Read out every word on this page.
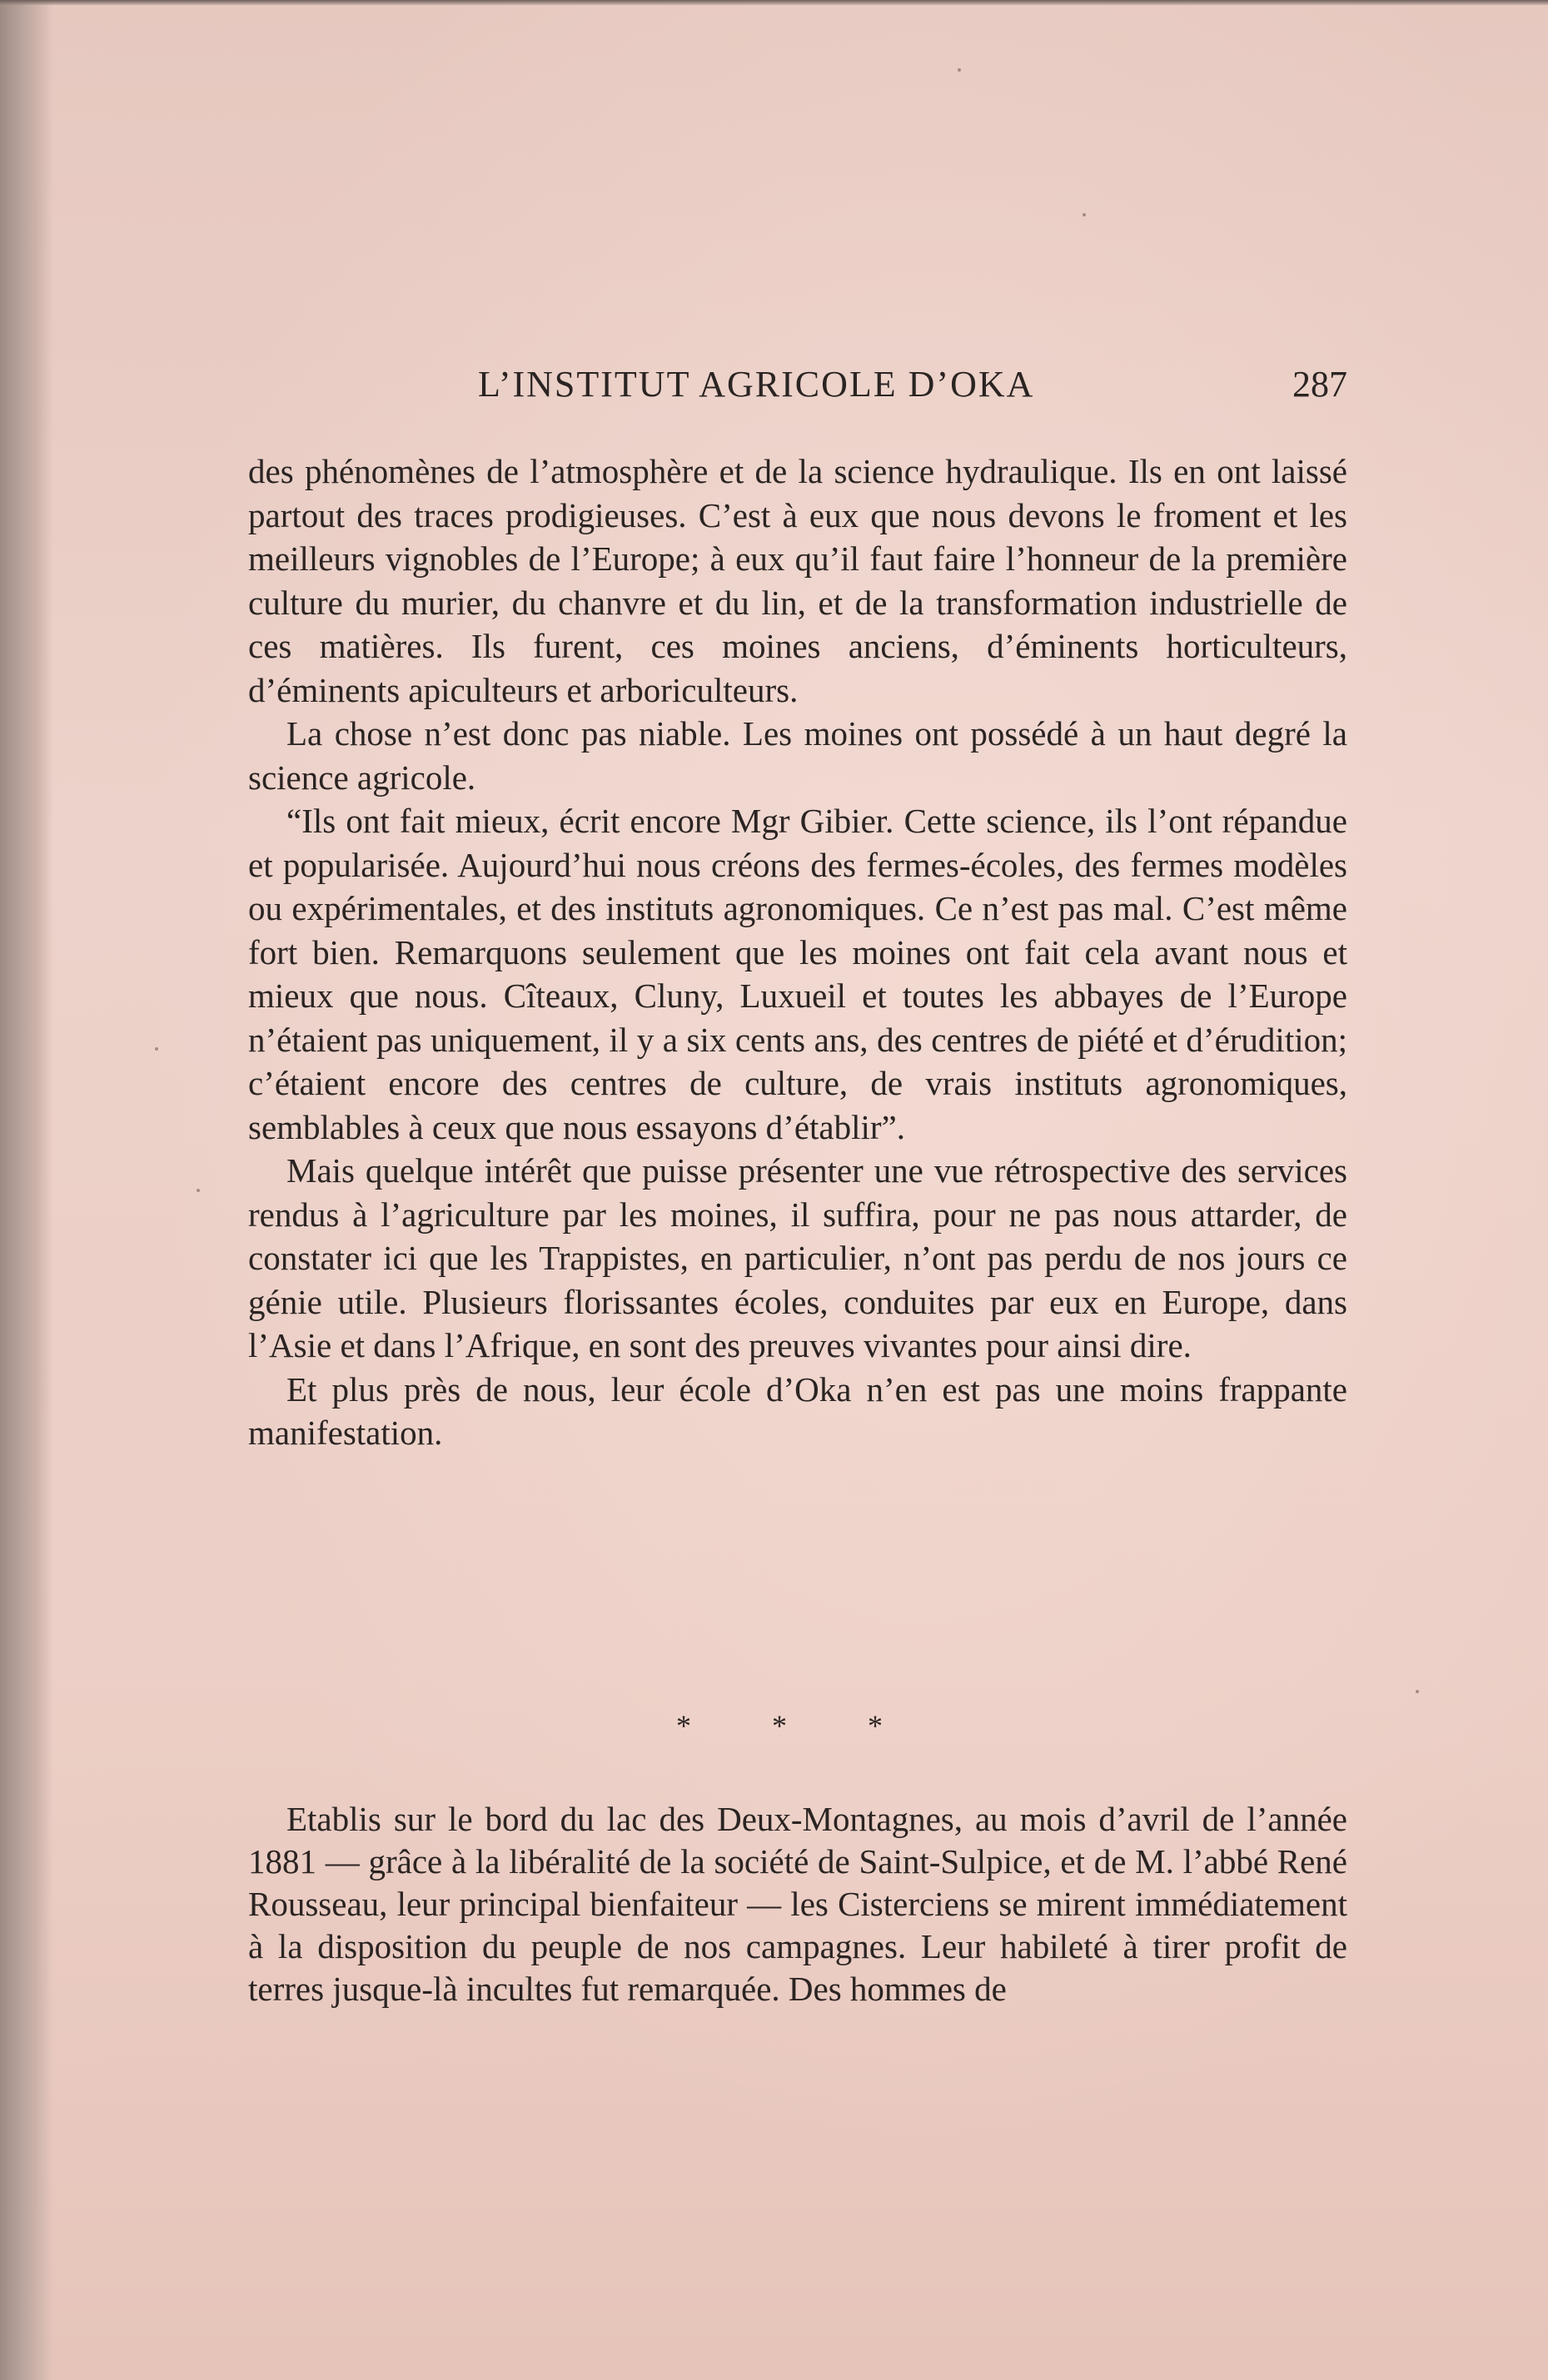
L’INSTITUT AGRICOLE D’OKA	287

des phénomènes de l’atmosphère et de la science hydraulique. Ils en ont laissé partout des traces prodigieuses. C’est à eux que nous devons le froment et les meilleurs vignobles de l’Europe; à eux qu’il faut faire l’honneur de la première culture du murier, du chanvre et du lin, et de la transformation industrielle de ces matières. Ils furent, ces moines anciens, d’éminents horticulteurs, d’éminents apiculteurs et arboriculteurs.

La chose n’est donc pas niable. Les moines ont possédé à un haut degré la science agricole.

“Ils ont fait mieux, écrit encore Mgr Gibier. Cette science, ils l’ont répandue et popularisée. Aujourd’hui nous créons des fermes-écoles, des fermes modèles ou expérimentales, et des instituts agronomiques. Ce n’est pas mal. C’est même fort bien. Remarquons seulement que les moines ont fait cela avant nous et mieux que nous. Cîteaux, Cluny, Luxueil et toutes les abbayes de l’Europe n’étaient pas uniquement, il y a six cents ans, des centres de piété et d’érudition; c’étaient encore des centres de culture, de vrais instituts agronomiques, semblables à ceux que nous essayons d’établir”.

Mais quelque intérêt que puisse présenter une vue rétrospective des services rendus à l’agriculture par les moines, il suffira, pour ne pas nous attarder, de constater ici que les Trappistes, en particulier, n’ont pas perdu de nos jours ce génie utile. Plusieurs florissantes écoles, conduites par eux en Europe, dans l’Asie et dans l’Afrique, en sont des preuves vivantes pour ainsi dire.

Et plus près de nous, leur école d’Oka n’en est pas une moins frappante manifestation.

* * *

Etablis sur le bord du lac des Deux-Montagnes, au mois d’avril de l’année 1881 — grâce à la libéralité de la société de Saint-Sulpice, et de M. l’abbé René Rousseau, leur principal bienfaiteur — les Cisterciens se mirent immédiatement à la disposition du peuple de nos campagnes. Leur habileté à tirer profit de terres jusque-là incultes fut remarquée. Des hommes de
